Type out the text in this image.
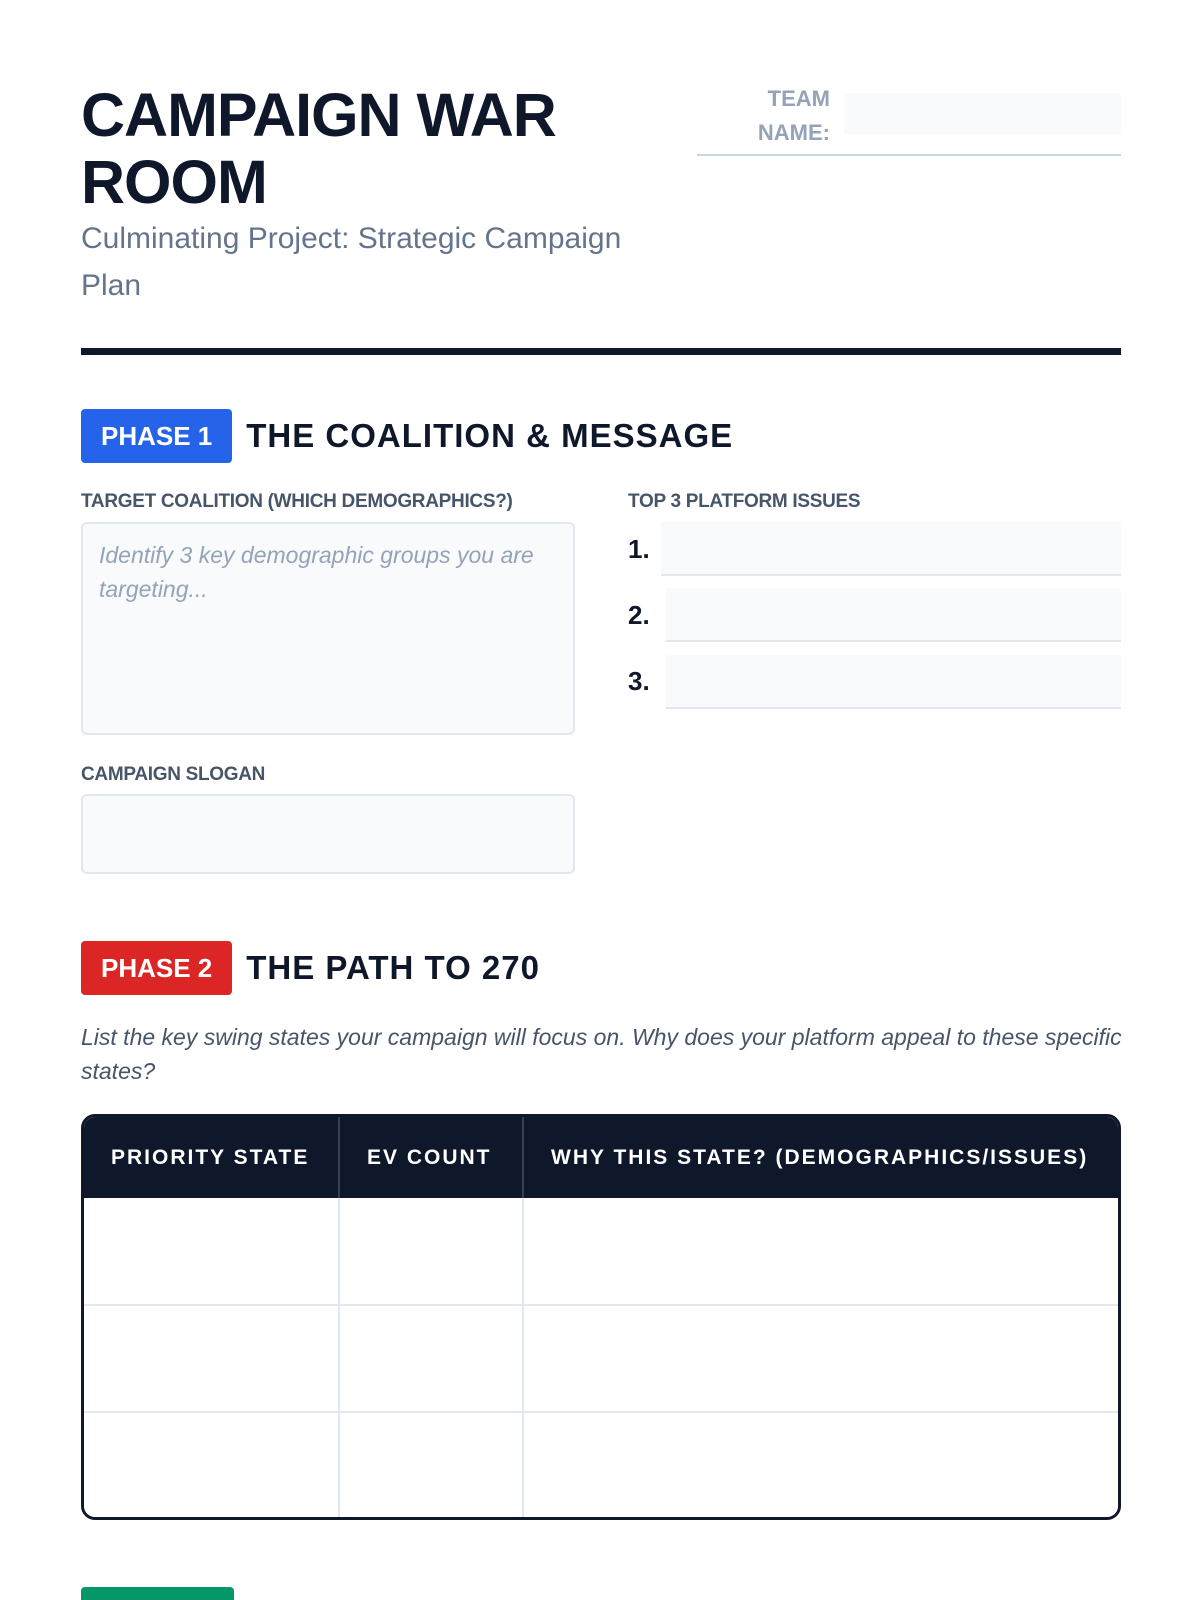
CAMPAIGN WAR ROOM
Culminating Project: Strategic Campaign Plan
TEAM NAME:
PHASE 1	THE COALITION & MESSAGE
TARGET COALITION (WHICH DEMOGRAPHICS?)
Identify 3 key demographic groups you are targeting...
TOP 3 PLATFORM ISSUES
1.
2.
3.
CAMPAIGN SLOGAN
PHASE 2	THE PATH TO 270
List the key swing states your campaign will focus on. Why does your platform appeal to these specific states?
PRIORITY STATE	EV COUNT	WHY THIS STATE? (DEMOGRAPHICS/ISSUES)
